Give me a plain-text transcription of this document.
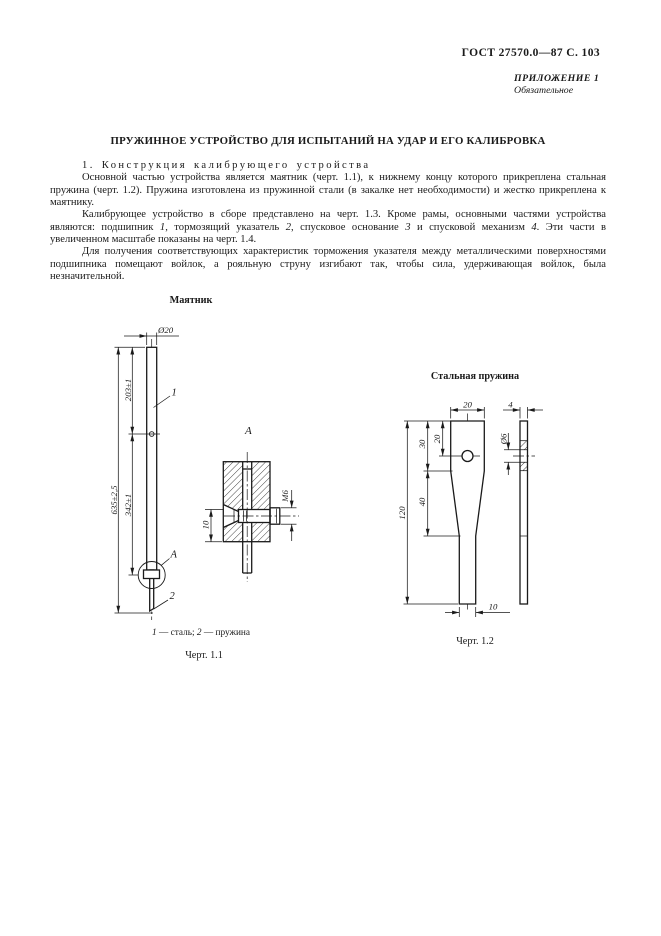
ГОСТ 27570.0—87 С. 103
ПРИЛОЖЕНИЕ 1
Обязательное
ПРУЖИННОЕ УСТРОЙСТВО ДЛЯ ИСПЫТАНИЙ НА УДАР И ЕГО КАЛИБРОВКА

1. Конструкция калибрующего устройства

Основной частью устройства является маятник (черт. 1.1), к нижнему концу которого прикреплена стальная пружина (черт. 1.2). Пружина изготовлена из пружинной стали (в закалке нет необходимости) и жестко прикреплена к маятнику.

Калибрующее устройство в сборе представлено на черт. 1.3. Кроме рамы, основными частями устройства являются: подшипник 1, тормозящий указатель 2, спусковое основание 3 и спусковой механизм 4. Эти части в увеличенном масштабе показаны на черт. 1.4.

Для получения соответствующих характеристик торможения указателя между металлическими поверхностями подшипника помещают войлок, а рояльную струну изгибают так, чтобы сила, удерживающая войлок, была незначительной.

Маятник
Ø20
203±1
342±1
635±2,5
1
А
2
А
М6
10
1 — сталь; 2 — пружина
Черт. 1.1
Стальная пружина
20
20
30
40
120
10
4
Ø6
Черт. 1.2
